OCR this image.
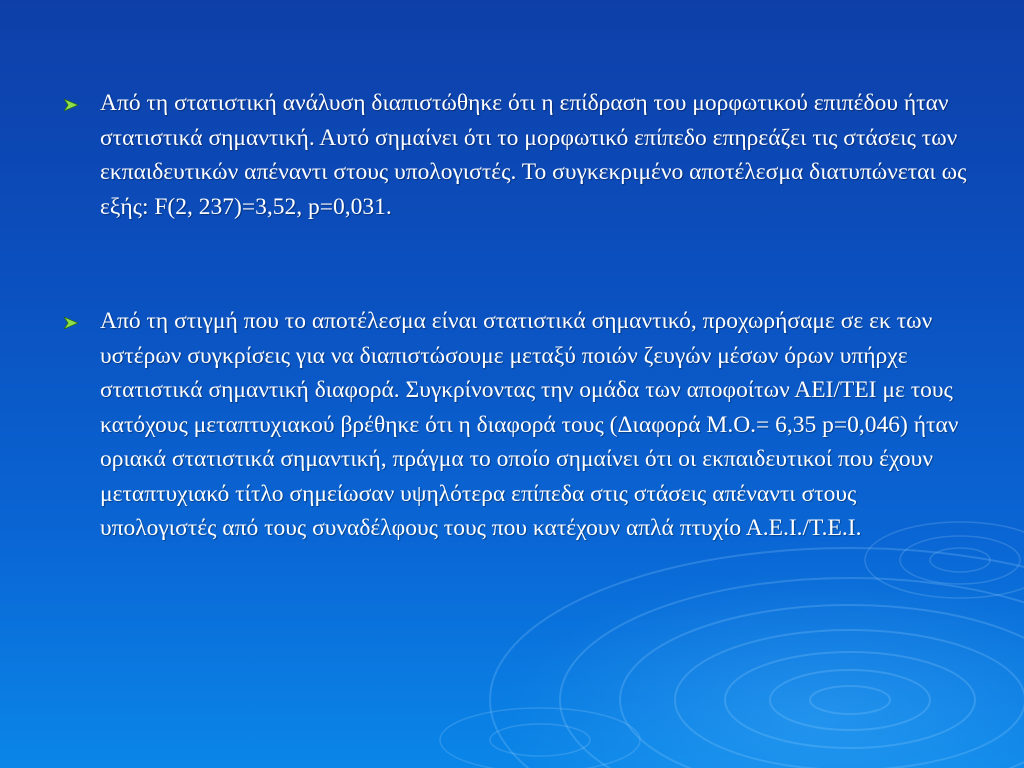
Από τη στατιστική ανάλυση διαπιστώθηκε ότι η επίδραση του μορφωτικού επιπέδου ήταν στατιστικά σημαντική. Αυτό σημαίνει ότι το μορφωτικό επίπεδο επηρεάζει τις στάσεις των εκπαιδευτικών απέναντι στους υπολογιστές. Το συγκεκριμένο αποτέλεσμα διατυπώνεται ως εξής: F(2, 237)=3,52, p=0,031.
Από τη στιγμή που το αποτέλεσμα είναι στατιστικά σημαντικό, προχωρήσαμε σε εκ των υστέρων συγκρίσεις για να διαπιστώσουμε μεταξύ ποιών ζευγών μέσων όρων υπήρχε στατιστικά σημαντική διαφορά. Συγκρίνοντας την ομάδα των αποφοίτων ΑΕΙ/ΤΕΙ με τους κατόχους μεταπτυχιακού βρέθηκε ότι η διαφορά τους (Διαφορά Μ.Ο.= 6,35 p=0,046) ήταν οριακά στατιστικά σημαντική, πράγμα το οποίο σημαίνει ότι οι εκπαιδευτικοί που έχουν μεταπτυχιακό τίτλο σημείωσαν υψηλότερα επίπεδα στις στάσεις απέναντι στους υπολογιστές από τους συναδέλφους τους που κατέχουν απλά πτυχίο Α.Ε.Ι./Τ.Ε.Ι.
